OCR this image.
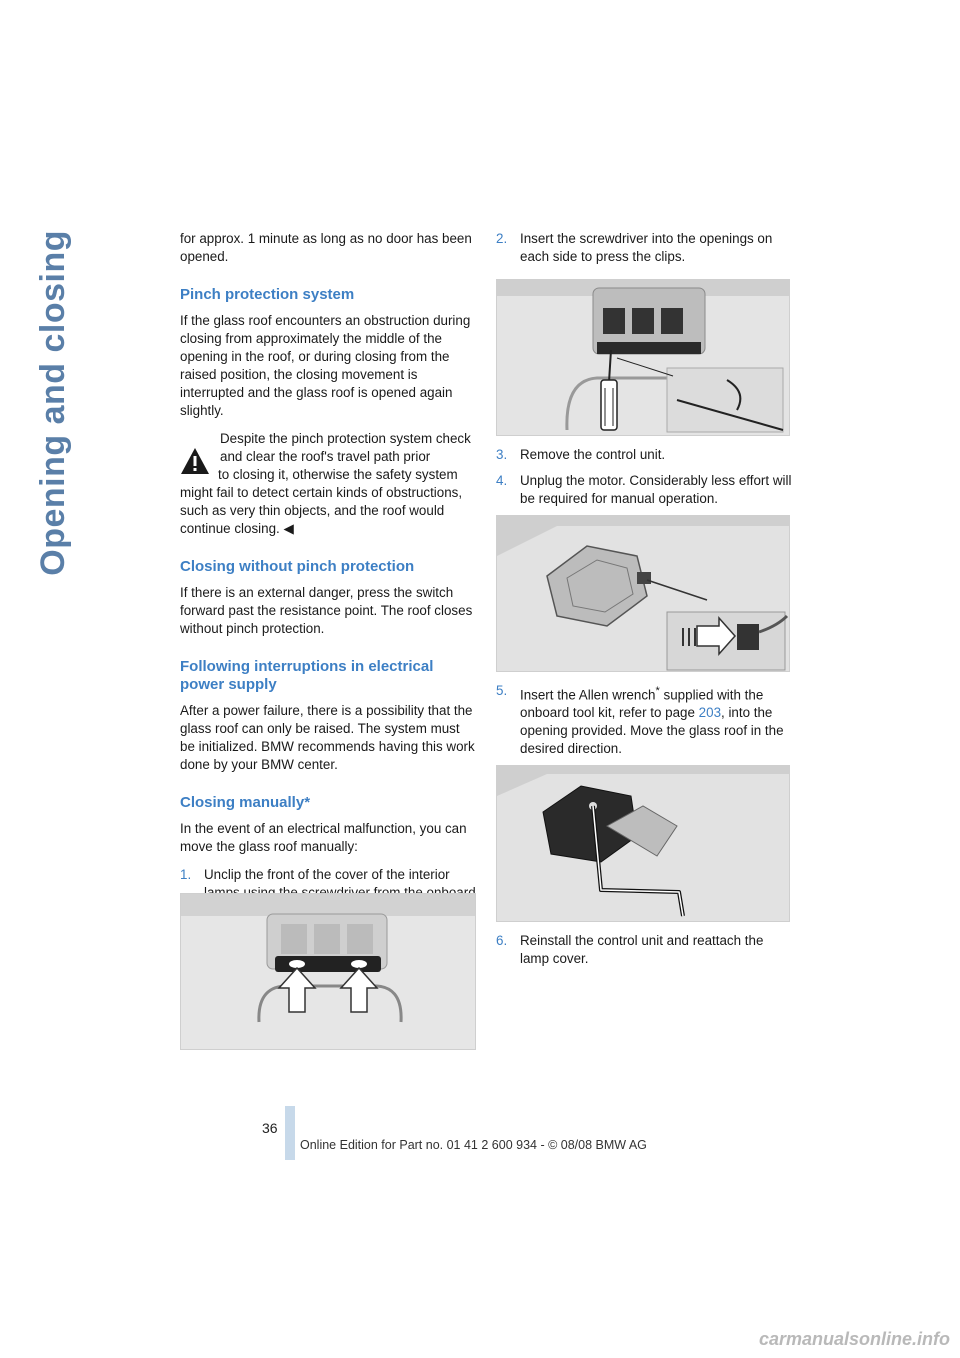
Opening and closing	for approx. 1 minute as long as no door has been opened.

Pinch protection system

If the glass roof encounters an obstruction during closing from approximately the middle of the opening in the roof, or during closing from the raised position, the closing movement is interrupted and the glass roof is opened again slightly.

Despite the pinch protection system check and clear the roof's travel path prior
to closing it, otherwise the safety system might fail to detect certain kinds of obstructions, such as very thin objects, and the roof would continue closing. ◀
Closing without pinch protection

If there is an external danger, press the switch forward past the resistance point. The roof closes without pinch protection.

Following interruptions in electrical power supply

After a power failure, there is a possibility that the glass roof can only be raised. The system must be initialized. BMW recommends having this work done by your BMW center.

Closing manually*

In the event of an electrical malfunction, you can move the glass roof manually:

1. Unclip the front of the cover of the interior
2. Insert the screwdriver into the openings on each side to press the clips.
3. Remove the control unit.
4. Unplug the motor. Considerably less effort will be required for manual operation.
5. Insert the Allen wrench* supplied with the onboard tool kit, refer to page 203, into the opening provided. Move the glass roof in the desired direction.
6. Reinstall the control unit and reattach the lamp cover.
36
Online Edition for Part no. 01 41 2 600 934 - © 08/08 BMW AG
carmanualsonline.info
